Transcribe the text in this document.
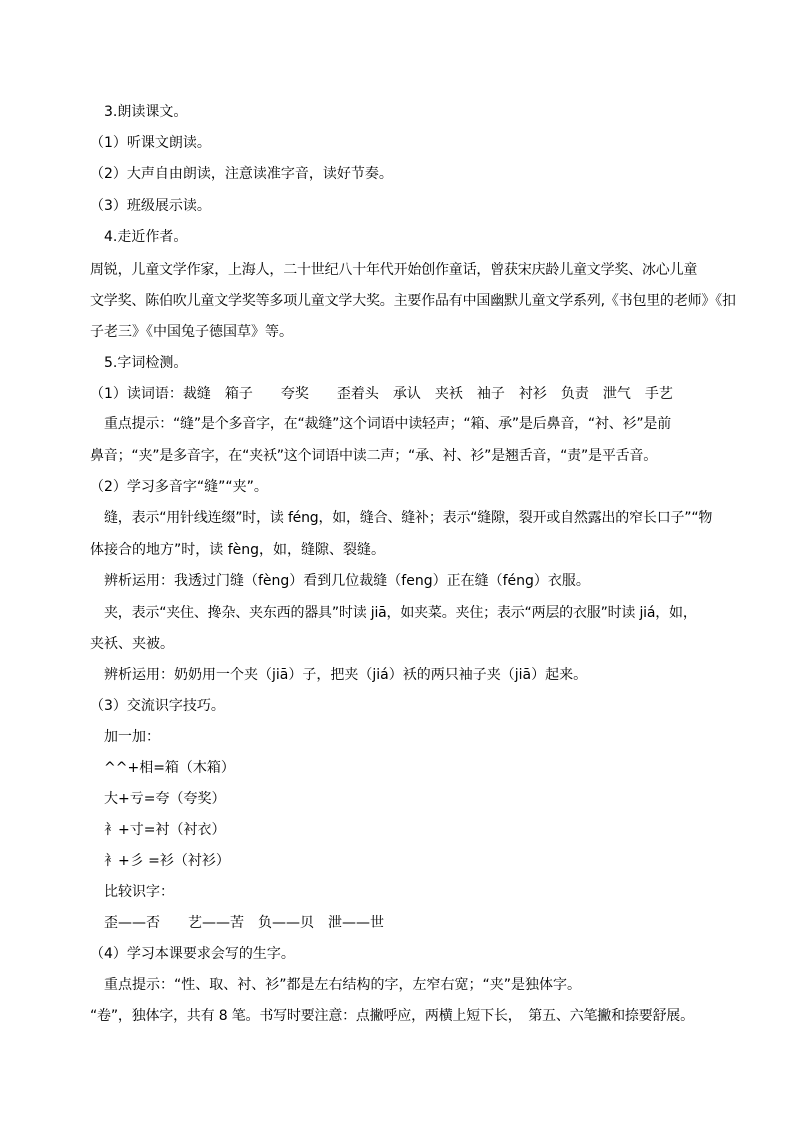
3.朗读课文。
（1）听课文朗读。
（2）大声自由朗读，注意读准字音，读好节奏。
（3）班级展示读。
4.走近作者。
周锐，儿童文学作家，上海人，二十世纪八十年代开始创作童话，曾获宋庆龄儿童文学奖、冰心儿童
文学奖、陈伯吹儿童文学奖等多项儿童文学大奖。主要作品有中国幽默儿童文学系列,《书包里的老师》《扣
子老三》《中国兔子德国草》等。
5.字词检测。
（1）读词语：裁缝　箱子　　夸奖　　歪着头　承认　夹袄　袖子　衬衫　负责　泄气　手艺
重点提示：“缝”是个多音字，在“裁缝”这个词语中读轻声；“箱、承”是后鼻音，“衬、衫”是前
鼻音；“夹”是多音字，在“夹袄”这个词语中读二声；“承、衬、衫”是翘舌音，“责”是平舌音。
（2）学习多音字“缝”“夹”。
缝，表示“用针线连缀”时，读 féng，如，缝合、缝补；表示“缝隙，裂开或自然露出的窄长口子”“物
体接合的地方”时，读 fèng，如，缝隙、裂缝。
辨析运用：我透过门缝（fèng）看到几位裁缝（feng）正在缝（féng）衣服。
夹，表示“夹住、搀杂、夹东西的器具”时读 jiā，如夹菜。夹住；表示“两层的衣服”时读 jiá，如，
夹袄、夹被。
辨析运用：奶奶用一个夹（jiā）子，把夹（jiá）袄的两只袖子夹（jiā）起来。
（3）交流识字技巧。
加一加：
^^+相=箱（木箱）
大+亏=夸（夸奖）
衤+寸=衬（衬衣）
衤+彡 =衫（衬衫）
比较识字：
歪——否　　艺——苦　负——贝　泄——世
（4）学习本课要求会写的生字。
重点提示：“性、取、衬、衫”都是左右结构的字，左窄右宽；“夹”是独体字。
“卷”，独体字，共有 8 笔。书写时要注意：点撇呼应，两横上短下长，　第五、六笔撇和捺要舒展。
